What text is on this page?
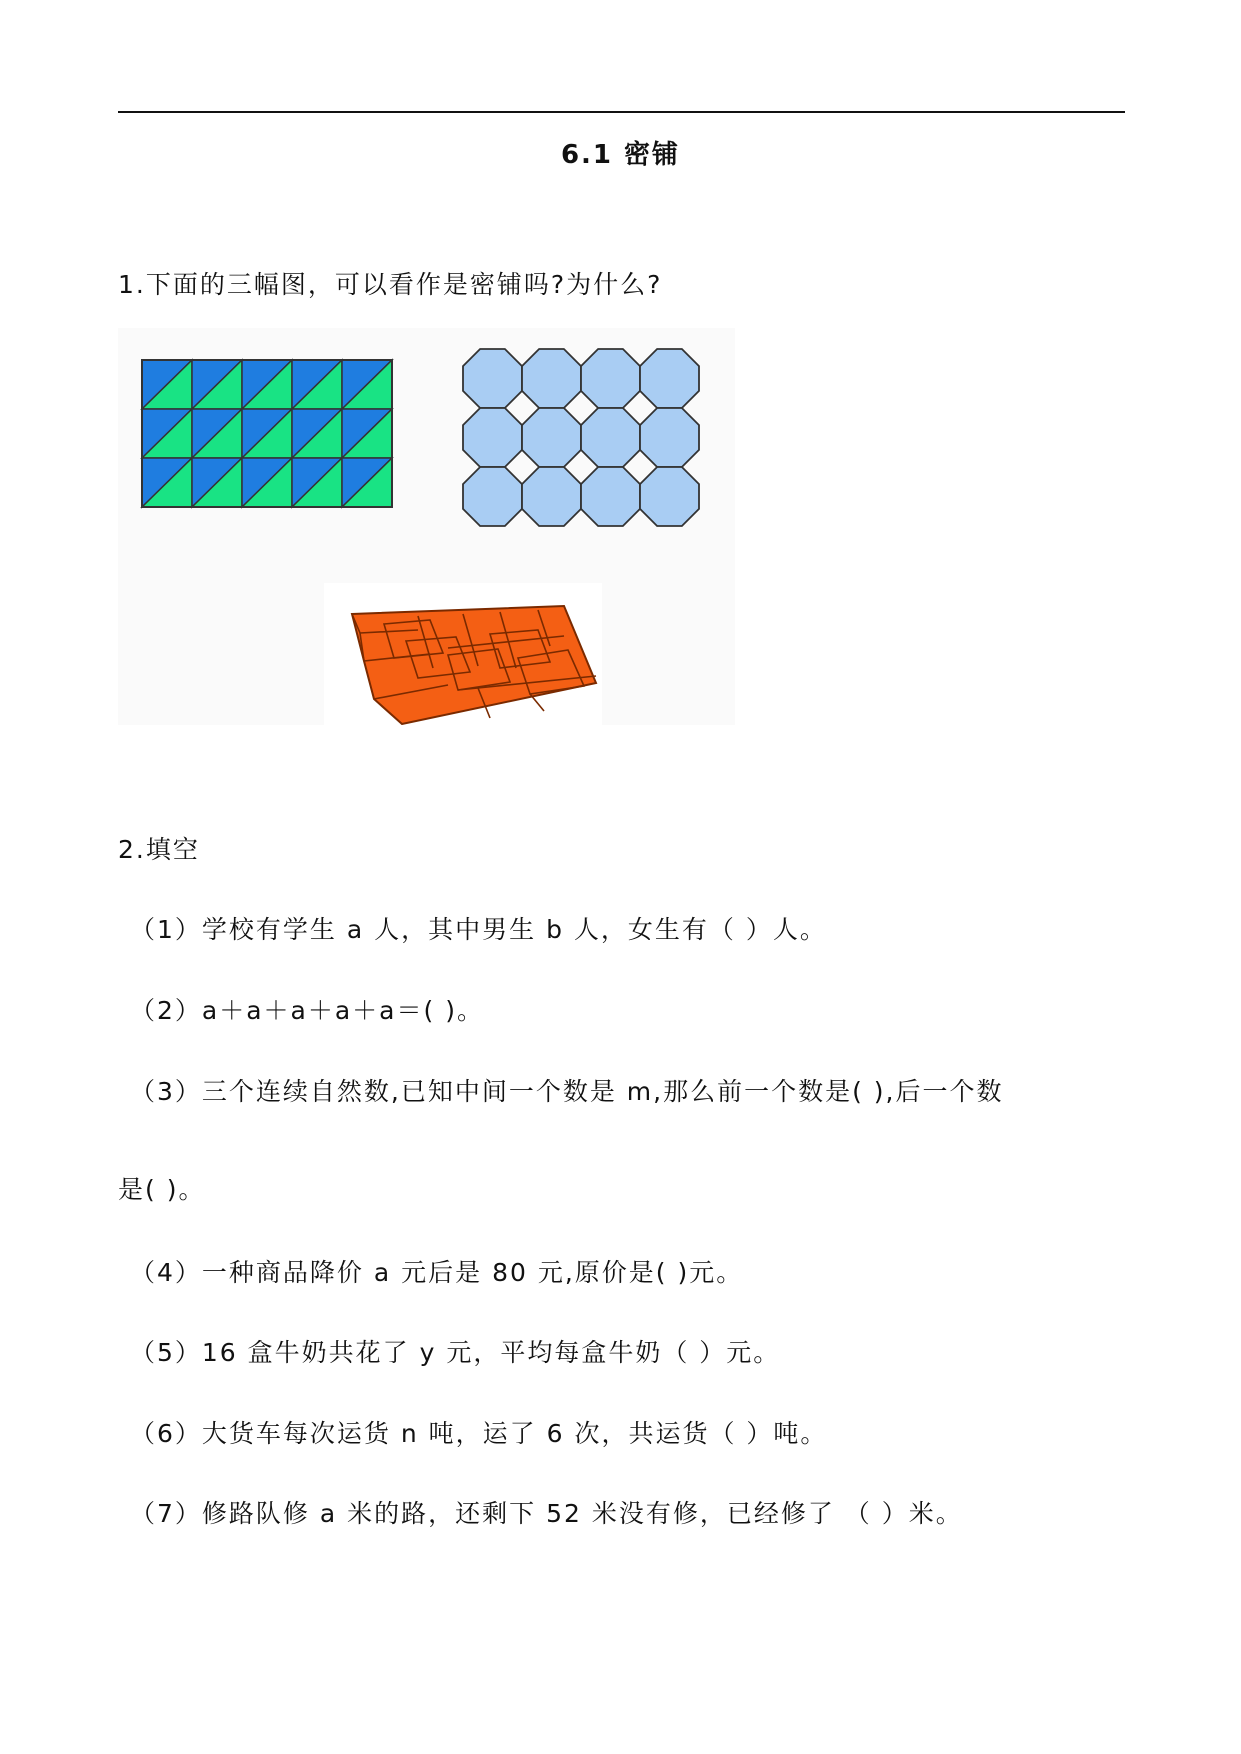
6.1 密铺
1.下面的三幅图，可以看作是密铺吗?为什么?
2.填空
（1）学校有学生 a 人，其中男生 b 人，女生有（ ）人。
（2）a＋a＋a＋a＋a＝( )。
（3）三个连续自然数,已知中间一个数是 m,那么前一个数是( ),后一个数
是( )。
（4）一种商品降价 a 元后是 80 元,原价是( )元。
（5）16 盒牛奶共花了 y 元，平均每盒牛奶（ ）元。
（6）大货车每次运货 n 吨，运了 6 次，共运货（ ）吨。
（7）修路队修 a 米的路，还剩下 52 米没有修，已经修了 （ ）米。
